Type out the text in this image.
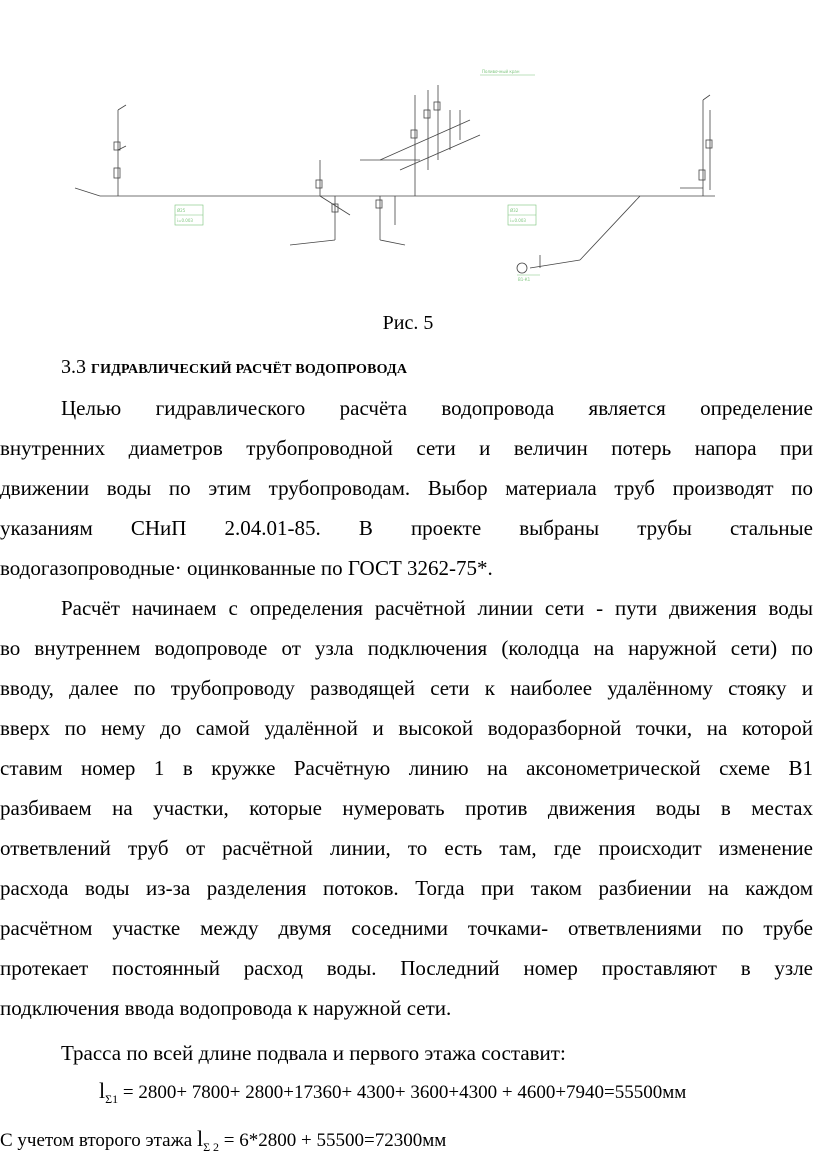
Ø25
i=0.003
Ø32
i=0.003
Поливочный кран
В1-К1
Рис. 5
3.3 ГИДРАВЛИЧЕСКИЙ РАСЧЁТ ВОДОПРОВОДА
Целью гидравлического расчёта водопровода является определение
внутренних диаметров трубопроводной сети и величин потерь напора при
движении воды по этим трубопроводам. Выбор материала труб производят по
указаниям СНиП 2.04.01-85. В проекте выбраны трубы стальные
водогазопроводные· оцинкованные по ГОСТ 3262-75*.
Расчёт начинаем с определения расчётной линии сети - пути движения воды
во внутреннем водопроводе от узла подключения (колодца на наружной сети) по
вводу, далее по трубопроводу разводящей сети к наиболее удалённому стояку и
вверх по нему до самой удалённой и высокой водоразборной точки, на которой
ставим номер 1 в кружке Расчётную линию на аксонометрической схеме В1
разбиваем на участки, которые нумеровать против движения воды в местах
ответвлений труб от расчётной линии, то есть там, где происходит изменение
расхода воды из-за разделения потоков. Тогда при таком разбиении на каждом
расчётном участке между двумя соседними точками- ответвлениями по трубе
протекает постоянный расход воды. Последний номер проставляют в узле
подключения ввода водопровода к наружной сети.
Трасса по всей длине подвала и первого этажа составит:
$l_{\Sigma 1} = 2800+ 7800+ 2800+17360+ 4300+ 3600+4300 + 4600+7940=55500мм$
С учетом второго этажа $l_{\Sigma 2} = 6*2800 + 55500=72300мм$
